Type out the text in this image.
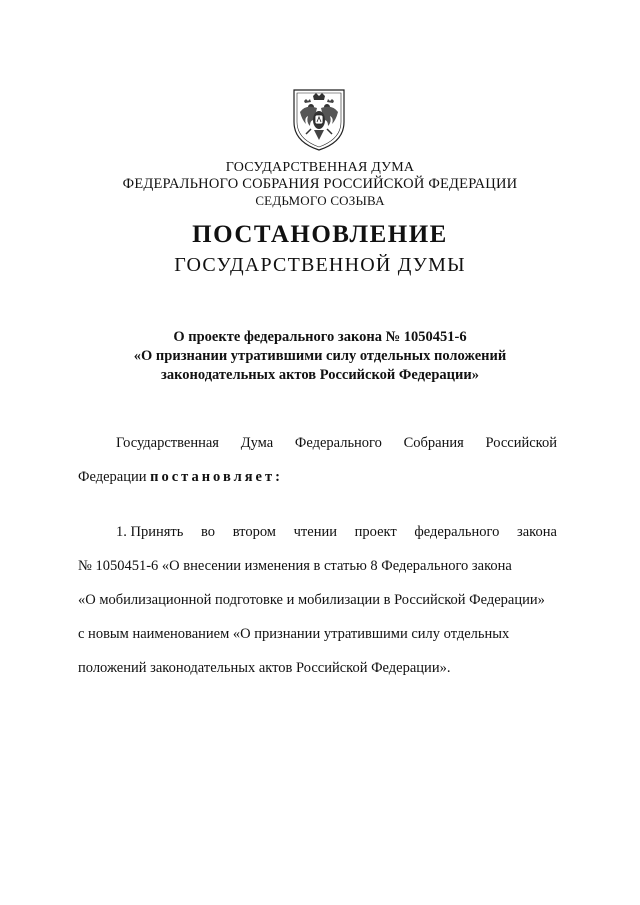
ГОСУДАРСТВЕННАЯ ДУМА
ФЕДЕРАЛЬНОГО СОБРАНИЯ РОССИЙСКОЙ ФЕДЕРАЦИИ
СЕДЬМОГО СОЗЫВА
ПОСТАНОВЛЕНИЕ
ГОСУДАРСТВЕННОЙ ДУМЫ
О проекте федерального закона № 1050451-6
«О признании утратившими силу отдельных положений
законодательных актов Российской Федерации»
Государственная Дума Федерального Собрания Российской
Федерации постановляет:
1. Принять во втором чтении проект федерального закона
№ 1050451-6 «О внесении изменения в статью 8 Федерального закона
«О мобилизационной подготовке и мобилизации в Российской Федерации»
с новым наименованием «О признании утратившими силу отдельных
положений законодательных актов Российской Федерации».
